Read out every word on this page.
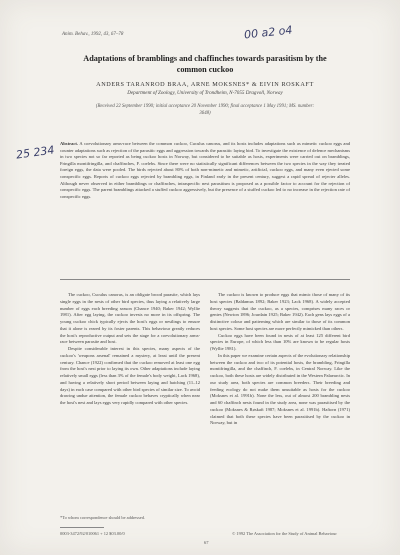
Anim. Behav., 1992, 43, 67–78	00 a2 o4
25 234
Adaptations of bramblings and chaffinches towards parasitism by the common cuckoo
ANDERS TARANROD BRAA, ARNE MOKSNES* & EIVIN ROSKAFT
Department of Zoology, University of Trondheim, N-7055 Dragvoll, Norway
(Received 22 September 1990; initial acceptance 20 November 1990; final acceptance 1 May 1991; MS. number: 3648)
Abstract. A coevolutionary arms-race between the common cuckoo, Cuculus canorus, and its hosts includes adaptations such as mimetic cuckoo eggs and counter adaptations such as rejection of the parasitic eggs and aggression towards the parasitic laying bird. To investigate the existence of defence mechanisms in two species not so far reported as being cuckoo hosts in Norway, but considered to be suitable as hosts, experiments were carried out on bramblings, Fringilla montifringilla, and chaffinches, F. coelebs. Since there were no statistically significant differences between the two species in the way they treated foreign eggs, the data were pooled. The birds rejected about 80% of both non-mimetic and mimetic, artificial, cuckoo eggs, and many even ejected some conspecific eggs. Reports of cuckoo eggs rejected by brambling eggs, in Finland early in the present century, suggest a rapid spread of rejecter alleles. Although never observed in either bramblings or chaffinches, intraspecific nest parasitism is proposed as a possible factor to account for the rejection of conspecific eggs. The parent bramblings attacked a stuffed cuckoo aggressively, but the presence of a stuffed cuckoo led to no increase in the rejection rate of conspecific eggs.

The cuckoo, Cuculus canorus, is an obligate brood parasite, which lays single eggs in the nests of other bird species, thus laying a relatively large number of eggs each breeding season (Chance 1940; Baker 1942; Wyllie 1981). After egg laying, the cuckoo invests no more in its offspring. The young cuckoo chick typically ejects the host's eggs or nestlings to ensure that it alone is reared by its foster parents. This behaviour greatly reduces the host's reproductive output and sets the stage for a coevolutionary arms-race between parasite and host.

Despite considerable interest in this species, many aspects of the cuckoo's 'weapons arsenal' remained a mystery, at least until the present century. Chance (1922) confirmed that the cuckoo removed at least one egg from the host's nest prior to laying its own. Other adaptations include laying relatively small eggs (less than 3% of the female's body weight, Lack 1968), and having a relatively short period between laying and hatching (11–12 days) in each case compared with other bird species of similar size. To avoid drawing undue attention, the female cuckoo behaves cryptically when near the host's nest and lays eggs very rapidly compared with other species.

The cuckoo is known to produce eggs that mimic those of many of its host species (Baldamus 1892; Baker 1923; Lack 1968). A widely accepted theory suggests that the cuckoo, as a species, comprises many races or gentes (Newton 1896; Jourdain 1925; Baker 1942). Each gens lays eggs of a distinctive colour and patterning which are similar to those of its common host species. Some host species are more perfectly mimicked than others.

Cuckoo eggs have been found in nests of at least 125 different bird species in Europe, of which less than 10% are known to be regular hosts (Wyllie 1981).

In this paper we examine certain aspects of the evolutionary relationship between the cuckoo and two of its potential hosts, the brambling, Fringilla montifringilla, and the chaffinch, F. coelebs, in Central Norway. Like the cuckoo, both these hosts are widely distributed in the Western Palaearctic. In our study area, both species are common breeders. Their breeding and feeding ecology do not make them unsuitable as hosts for the cuckoo (Moksnes et al. 1991b). None the less, out of almost 200 brambling nests and 60 chaffinch nests found in the study area, none was parasitised by the cuckoo (Moksnes & Røskaft 1987; Moksnes et al. 1991b). Haftorn (1971) claimed that both these species have been parasitised by the cuckoo in Norway, but in

*To whom correspondence should be addressed.
0003-3472/92/010061 + 12 $03.00/0	© 1992 The Association for the Study of Animal Behaviour
67
